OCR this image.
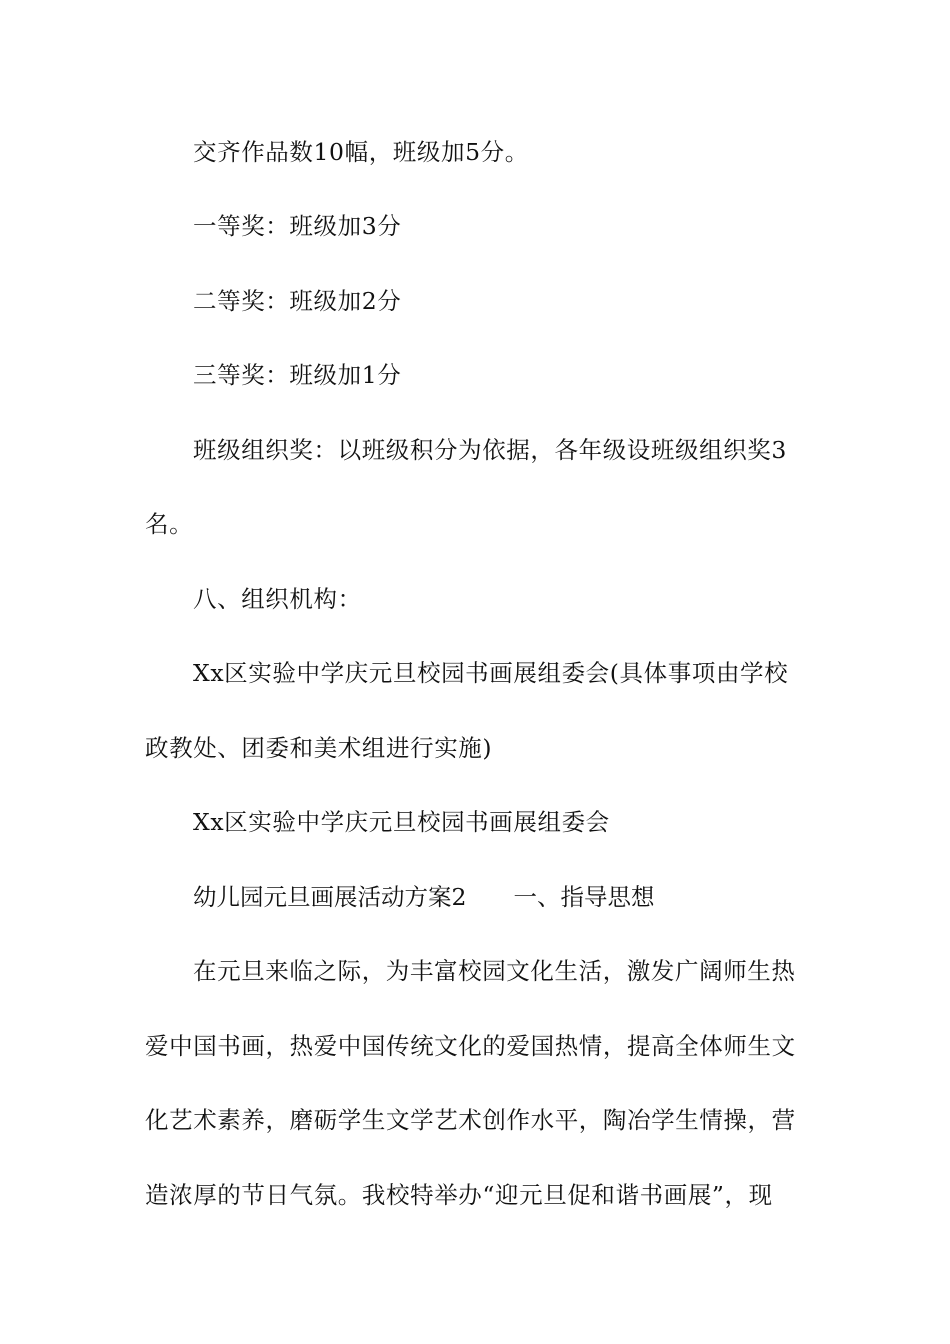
交齐作品数10幅，班级加5分。
一等奖：班级加3分
二等奖：班级加2分
三等奖：班级加1分
班级组织奖：以班级积分为依据，各年级设班级组织奖3
名。
八、组织机构：
Xx区实验中学庆元旦校园书画展组委会(具体事项由学校
政教处、团委和美术组进行实施)
Xx区实验中学庆元旦校园书画展组委会
幼儿园元旦画展活动方案2　　一、指导思想
在元旦来临之际，为丰富校园文化生活，激发广阔师生热
爱中国书画，热爱中国传统文化的爱国热情，提高全体师生文
化艺术素养，磨砺学生文学艺术创作水平，陶冶学生情操，营
造浓厚的节日气氛。我校特举办“迎元旦促和谐书画展”，现
